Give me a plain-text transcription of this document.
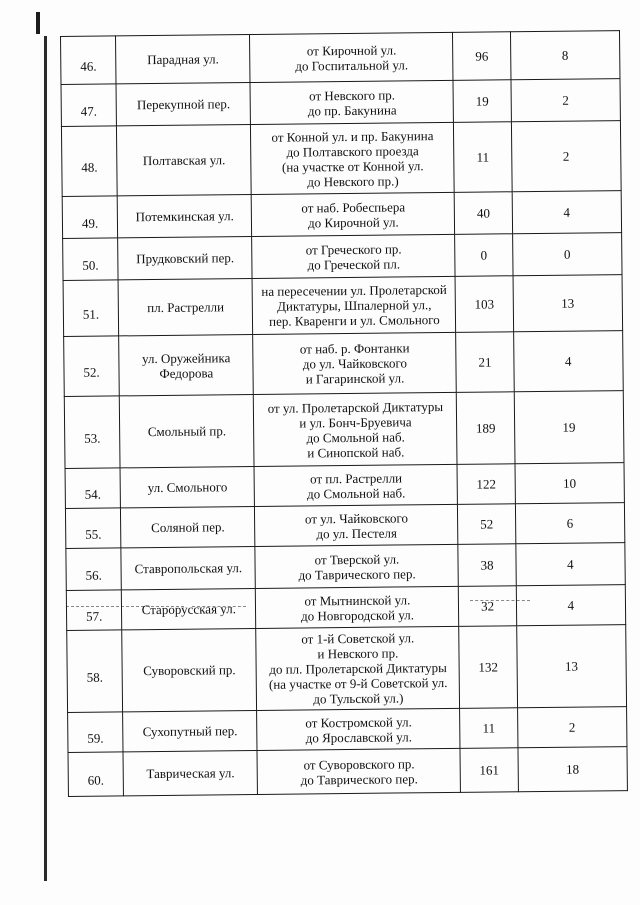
46.	Парадная ул.	от Кирочной ул.
до Госпитальной ул.	96	8
47.	Перекупной пер.	от Невского пр.
до пр. Бакунина	19	2
48.	Полтавская ул.	от Конной ул. и пр. Бакунина
до Полтавского проезда
(на участке от Конной ул.
до Невского пр.)	11	2
49.	Потемкинская ул.	от наб. Робеспьера
до Кирочной ул.	40	4
50.	Прудковский пер.	от Греческого пр.
до Греческой пл.	0	0
51.	пл. Растрелли	на пересечении ул. Пролетарской
Диктатуры, Шпалерной ул.,
пер. Кваренги и ул. Смольного	103	13
52.	ул. Оружейника
Федорова	от наб. р. Фонтанки
до ул. Чайковского
и Гагаринской ул.	21	4
53.	Смольный пр.	от ул. Пролетарской Диктатуры
и ул. Бонч-Бруевича
до Смольной наб.
и Синопской наб.	189	19
54.	ул. Смольного	от пл. Растрелли
до Смольной наб.	122	10
55.	Соляной пер.	от ул. Чайковского
до ул. Пестеля	52	6
56.	Ставропольская ул.	от Тверской ул.
до Таврического пер.	38	4
57.	Старорусская ул.	от Мытнинской ул.
до Новгородской ул.	32	4
58.	Суворовский пр.	от 1-й Советской ул.
и Невского пр.
до пл. Пролетарской Диктатуры
(на участке от 9-й Советской ул.
до Тульской ул.)	132	13
59.	Сухопутный пер.	от Костромской ул.
до Ярославской ул.	11	2
60.	Таврическая ул.	от Суворовского пр.
до Таврического пер.	161	18
